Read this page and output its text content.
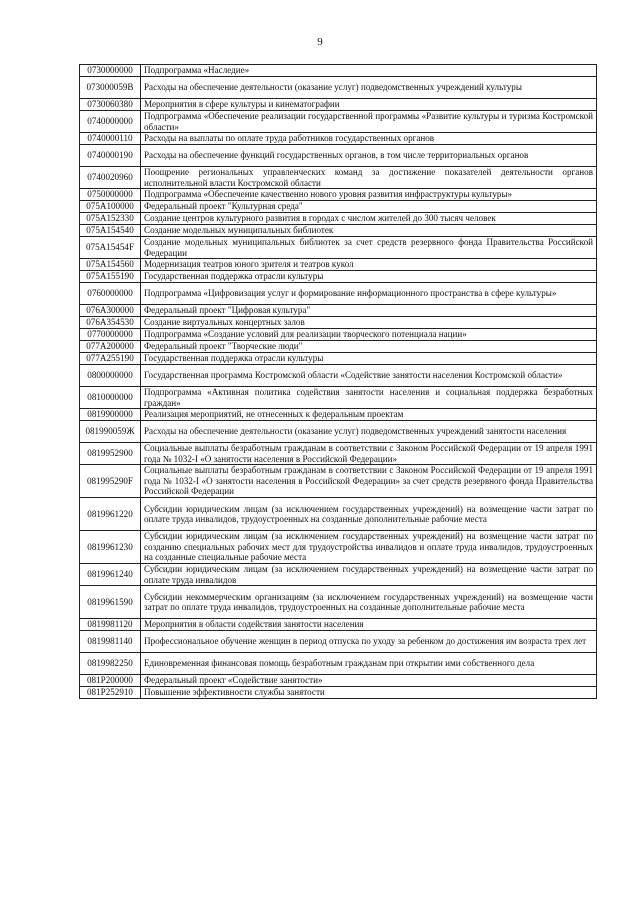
9
0730000000	Подпрограмма «Наследие»
073000059В	Расходы на обеспечение деятельности (оказание услуг) подведомственных учреждений культуры
0730060380	Мероприятия в сфере культуры и кинематографии
0740000000	Подпрограмма «Обеспечение реализации государственной программы «Развитие культуры и туризма Костромской области»
0740000110	Расходы на выплаты по оплате труда работников государственных органов
0740000190	Расходы на обеспечение функций государственных органов, в том числе территориальных органов
0740020960	Поощрение региональных управленческих команд за достижение показателей деятельности органов исполнительной власти Костромской области
0750000000	Подпрограмма «Обеспечение качественно нового уровня развития инфраструктуры культуры»
075А100000	Федеральный проект "Культурная среда"
075А152330	Создание центров культурного развития в городах с числом жителей до 300 тысяч человек
075А154540	Создание модельных муниципальных библиотек
075А15454F	Создание модельных муниципальных библиотек за счет средств резервного фонда Правительства Российской Федерации
075А154560	Модернизация театров юного зрителя и театров кукол
075А155190	Государственная поддержка отрасли культуры
0760000000	Подпрограмма «Цифровизация услуг и формирование информационного пространства в сфере культуры»
076А300000	Федеральный проект "Цифровая культура"
076А354530	Создание виртуальных концертных залов
0770000000	Подпрограмма «Создание условий для реализации творческого потенциала нации»
077А200000	Федеральный проект "Творческие люди"
077А255190	Государственная поддержка отрасли культуры
0800000000	Государственная программа Костромской области «Содействие занятости населения Костромской области»
0810000000	Подпрограмма «Активная политика содействия занятости населения и социальная поддержка безработных граждан»
0819900000	Реализация мероприятий, не отнесенных к федеральным проектам
081990059Ж	Расходы на обеспечение деятельности (оказание услуг) подведомственных учреждений занятости населения
0819952900	Социальные выплаты безработным гражданам в соответствии с Законом Российской Федерации от 19 апреля 1991 года № 1032-I «О занятости населения в Российской Федерации»
081995290F	Социальные выплаты безработным гражданам в соответствии с Законом Российской Федерации от 19 апреля 1991 года № 1032-I «О занятости населения в Российской Федерации» за счет средств резервного фонда Правительства Российской Федерации
0819961220	Субсидии юридическим лицам (за исключением государственных учреждений) на возмещение части затрат по оплате труда инвалидов, трудоустроенных на созданные дополнительные рабочие места
0819961230	Субсидии юридическим лицам (за исключением государственных учреждений) на возмещение части затрат по созданию специальных рабочих мест для трудоустройства инвалидов и оплате труда инвалидов, трудоустроенных на созданные специальные рабочие места
0819961240	Субсидии юридическим лицам (за исключением государственных учреждений) на возмещение части затрат по оплате труда инвалидов
0819961590	Субсидии некоммерческим организациям (за исключением государственных учреждений) на возмещение части затрат по оплате труда инвалидов, трудоустроенных на созданные дополнительные рабочие места
0819981120	Мероприятия в области содействия занятости населения
0819981140	Профессиональное обучение женщин в период отпуска по уходу за ребенком до достижения им возраста трех лет
0819982250	Единовременная финансовая помощь безработным гражданам при открытии ими собственного дела
081Р200000	Федеральный проект «Содействие занятости»
081Р252910	Повышение эффективности службы занятости
